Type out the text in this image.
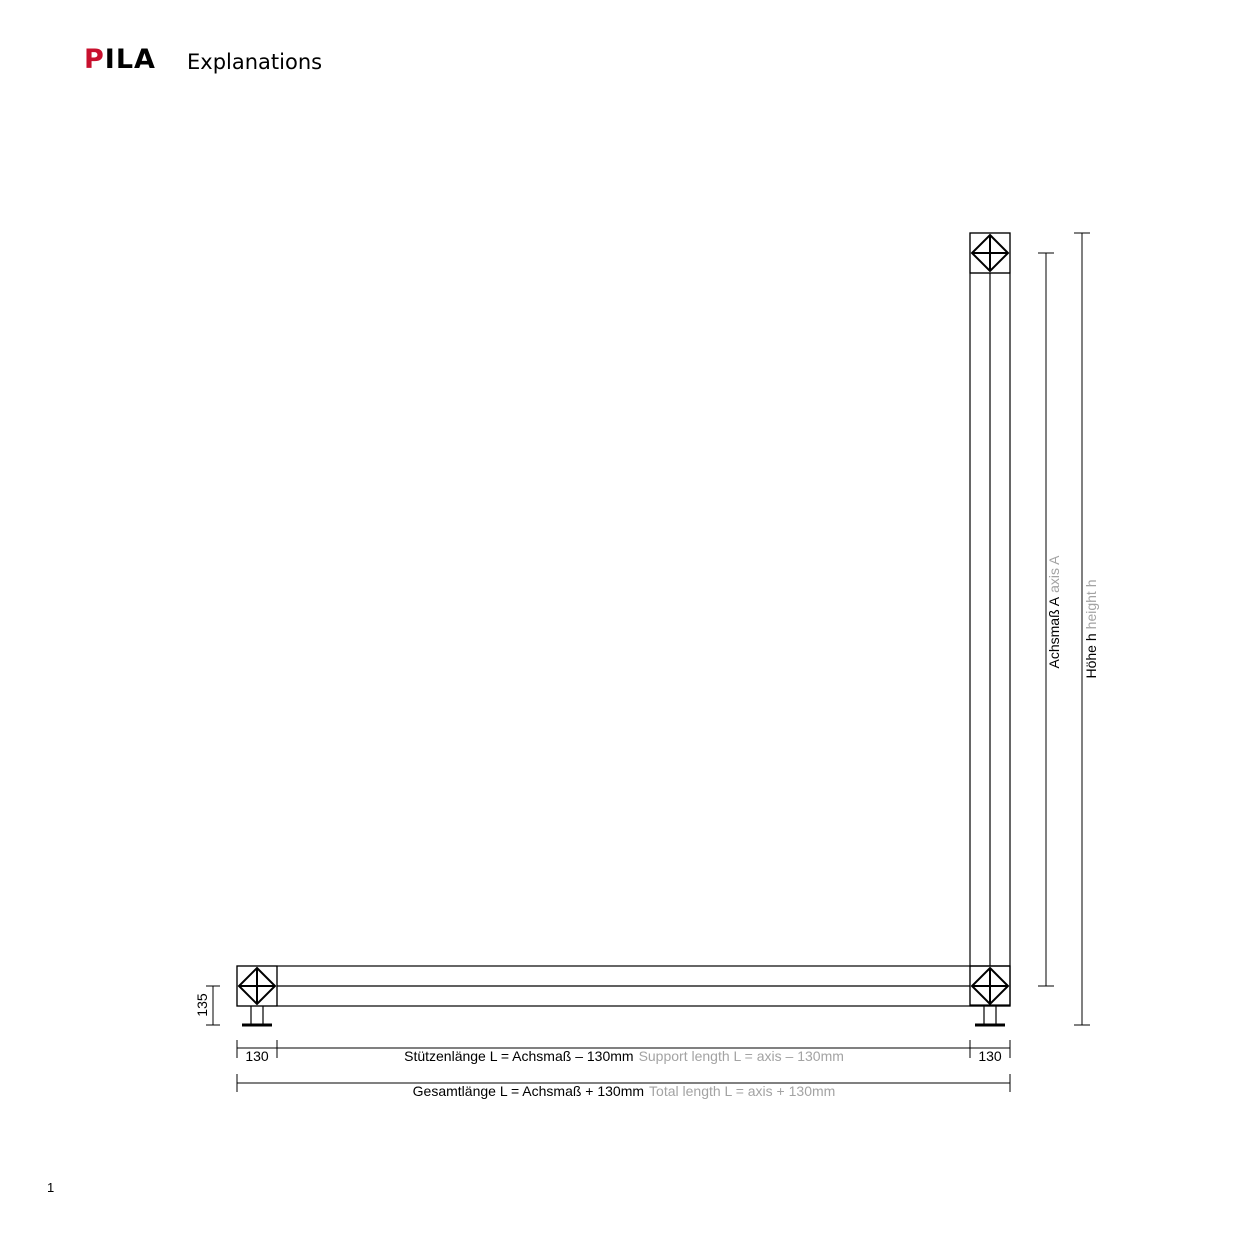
PILA Explanations
135
130	130
Stützenlänge L = Achsmaß – 130mm Support length L = axis – 130mm
Gesamtlänge L = Achsmaß + 130mm Total length L = axis + 130mm
Achsmaß Aaxis A
Höhe hheight h
1
